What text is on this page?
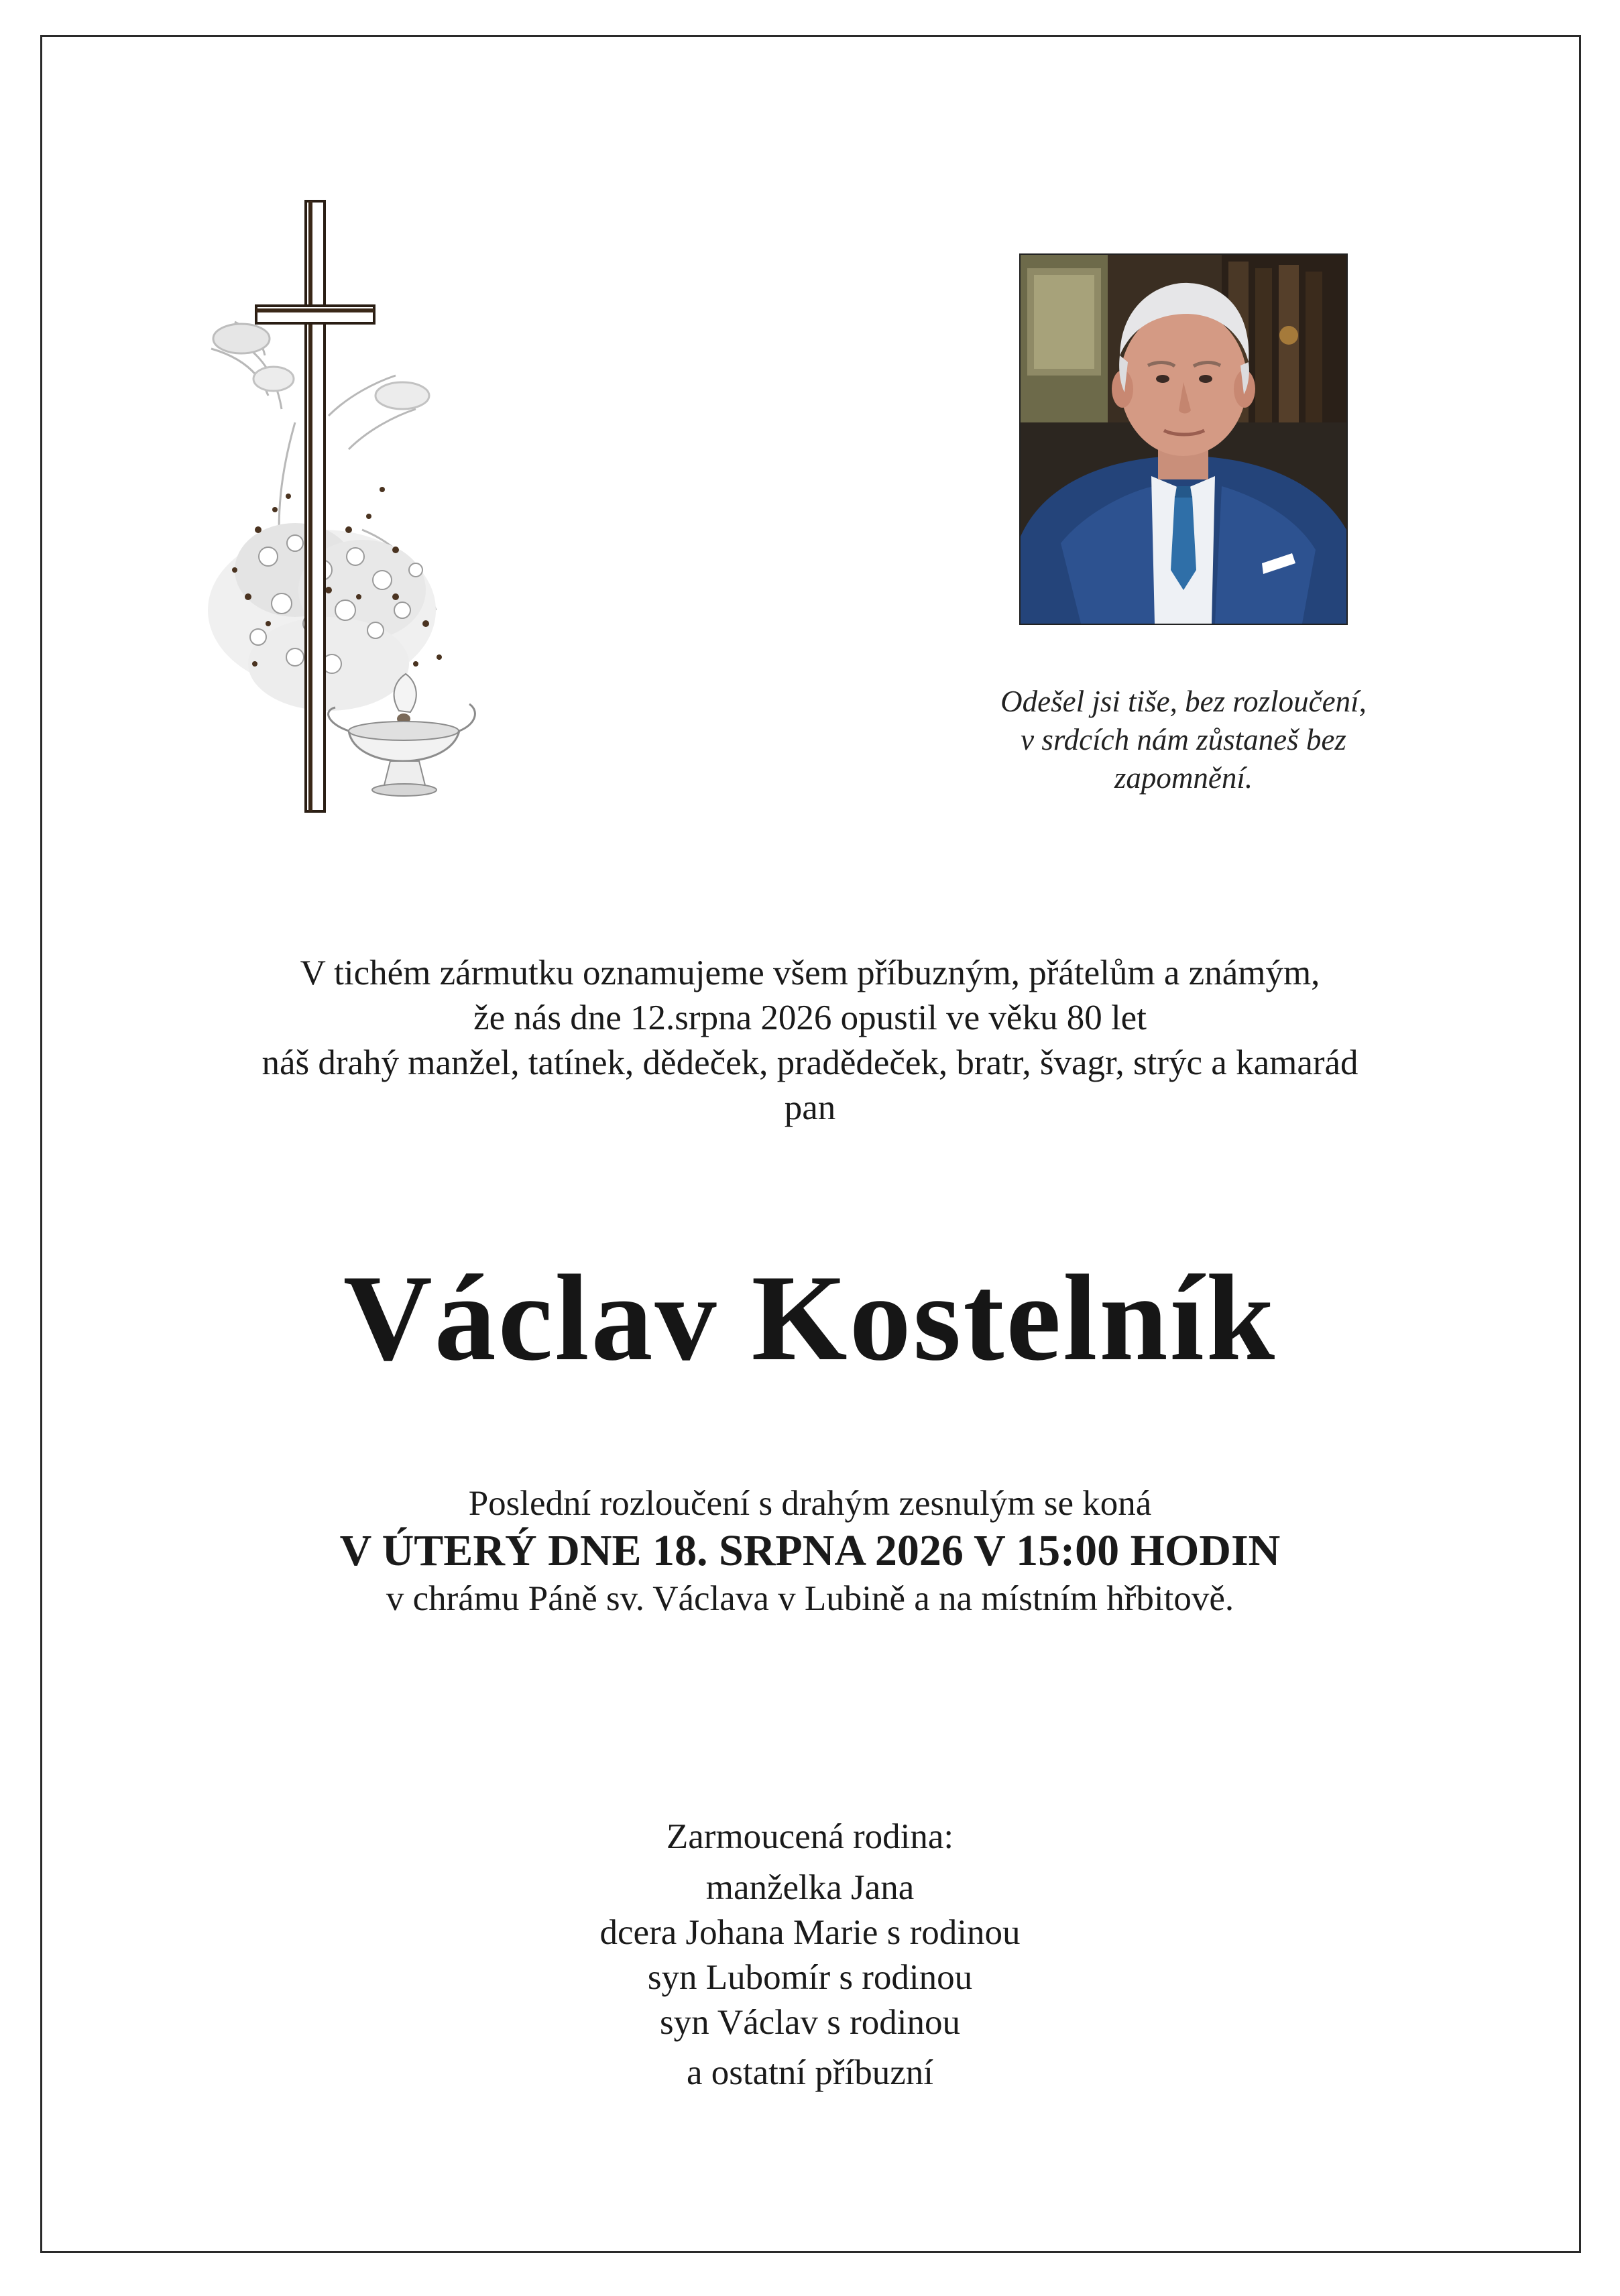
Odešel jsi tiše, bez rozloučení,
v srdcích nám zůstaneš bez
zapomnění.
V tichém zármutku oznamujeme všem příbuzným, přátelům a známým,
že nás dne 12.srpna 2026 opustil ve věku 80 let
náš drahý manžel, tatínek, dědeček, pradědeček, bratr, švagr, strýc a kamarád
pan
Václav Kostelník
Poslední rozloučení s drahým zesnulým se koná
V ÚTERÝ DNE 18. SRPNA 2026 V 15:00 HODIN
v chrámu Páně sv. Václava v Lubině a na místním hřbitově.
Zarmoucená rodina:
manželka Jana
dcera Johana Marie s rodinou
syn Lubomír s rodinou
syn Václav s rodinou
a ostatní příbuzní
